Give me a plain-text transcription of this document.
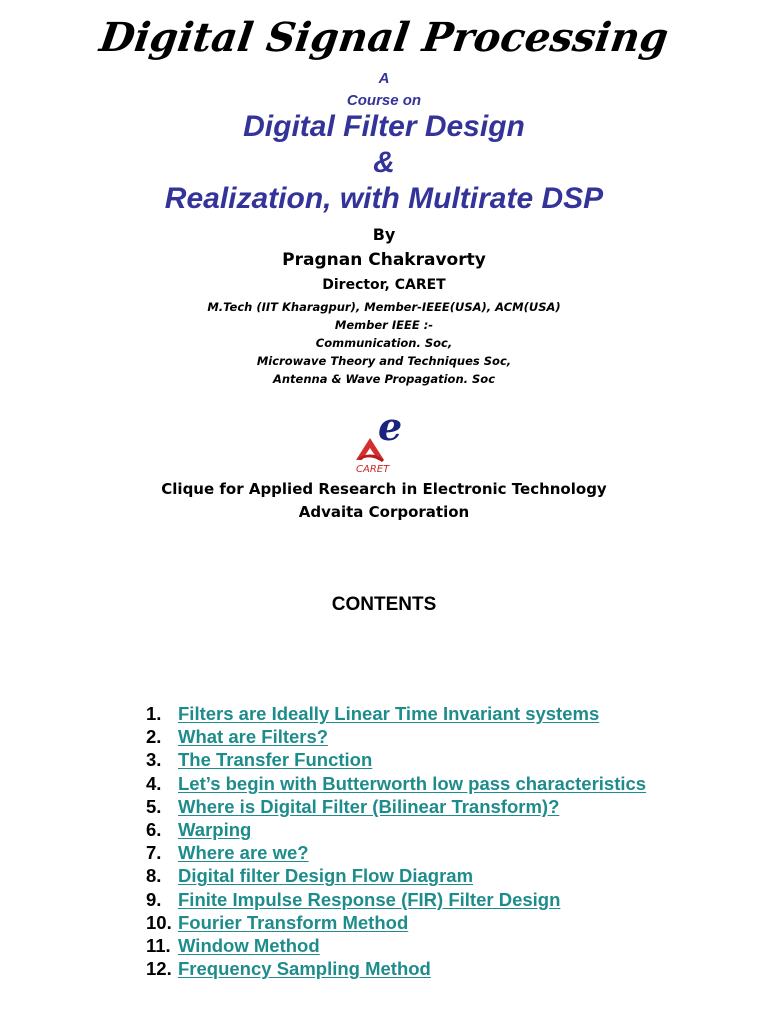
Digital Signal Processing
A
Course on
Digital Filter Design
&
Realization, with Multirate DSP
By
Pragnan Chakravorty
Director, CARET
M.Tech (IIT Kharagpur), Member-IEEE(USA), ACM(USA)
Member IEEE :-
Communication. Soc,
Microwave Theory and Techniques Soc,
Antenna & Wave Propagation. Soc
e
CARET
Clique for Applied Research in Electronic Technology
Advaita Corporation
CONTENTS
1. Filters are Ideally Linear Time Invariant systems
2. What are Filters?
3. The Transfer Function
4. Let’s begin with Butterworth low pass characteristics
5. Where is Digital Filter (Bilinear Transform)?
6. Warping
7. Where are we?
8. Digital filter Design Flow Diagram
9. Finite Impulse Response (FIR) Filter Design
10. Fourier Transform Method
11. Window Method
12. Frequency Sampling Method
